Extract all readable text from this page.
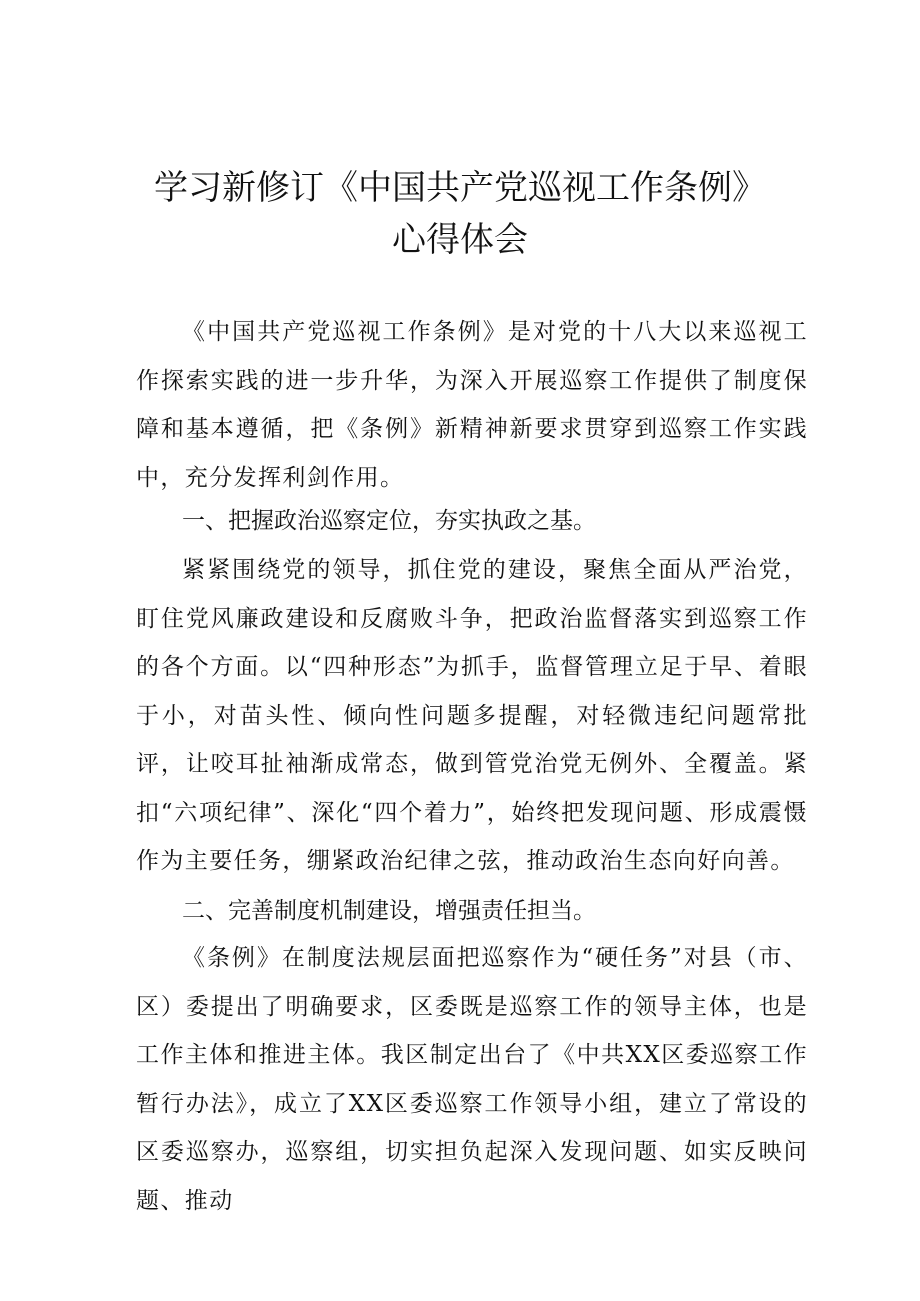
学习新修订《中国共产党巡视工作条例》
心得体会

《中国共产党巡视工作条例》是对党的十八大以来巡视工作探索实践的进一步升华，为深入开展巡察工作提供了制度保障和基本遵循，把《条例》新精神新要求贯穿到巡察工作实践中，充分发挥利剑作用。

一、把握政治巡察定位，夯实执政之基。

紧紧围绕党的领导，抓住党的建设，聚焦全面从严治党，盯住党风廉政建设和反腐败斗争，把政治监督落实到巡察工作的各个方面。以“四种形态”为抓手，监督管理立足于早、着眼于小，对苗头性、倾向性问题多提醒，对轻微违纪问题常批评，让咬耳扯袖渐成常态，做到管党治党无例外、全覆盖。紧扣“六项纪律”、深化“四个着力”，始终把发现问题、形成震慑作为主要任务，绷紧政治纪律之弦，推动政治生态向好向善。

二、完善制度机制建设，增强责任担当。

《条例》在制度法规层面把巡察作为“硬任务”对县（市、区）委提出了明确要求，区委既是巡察工作的领导主体，也是工作主体和推进主体。我区制定出台了《中共XX区委巡察工作暂行办法》，成立了XX区委巡察工作领导小组，建立了常设的区委巡察办，巡察组，切实担负起深入发现问题、如实反映问题、推动
